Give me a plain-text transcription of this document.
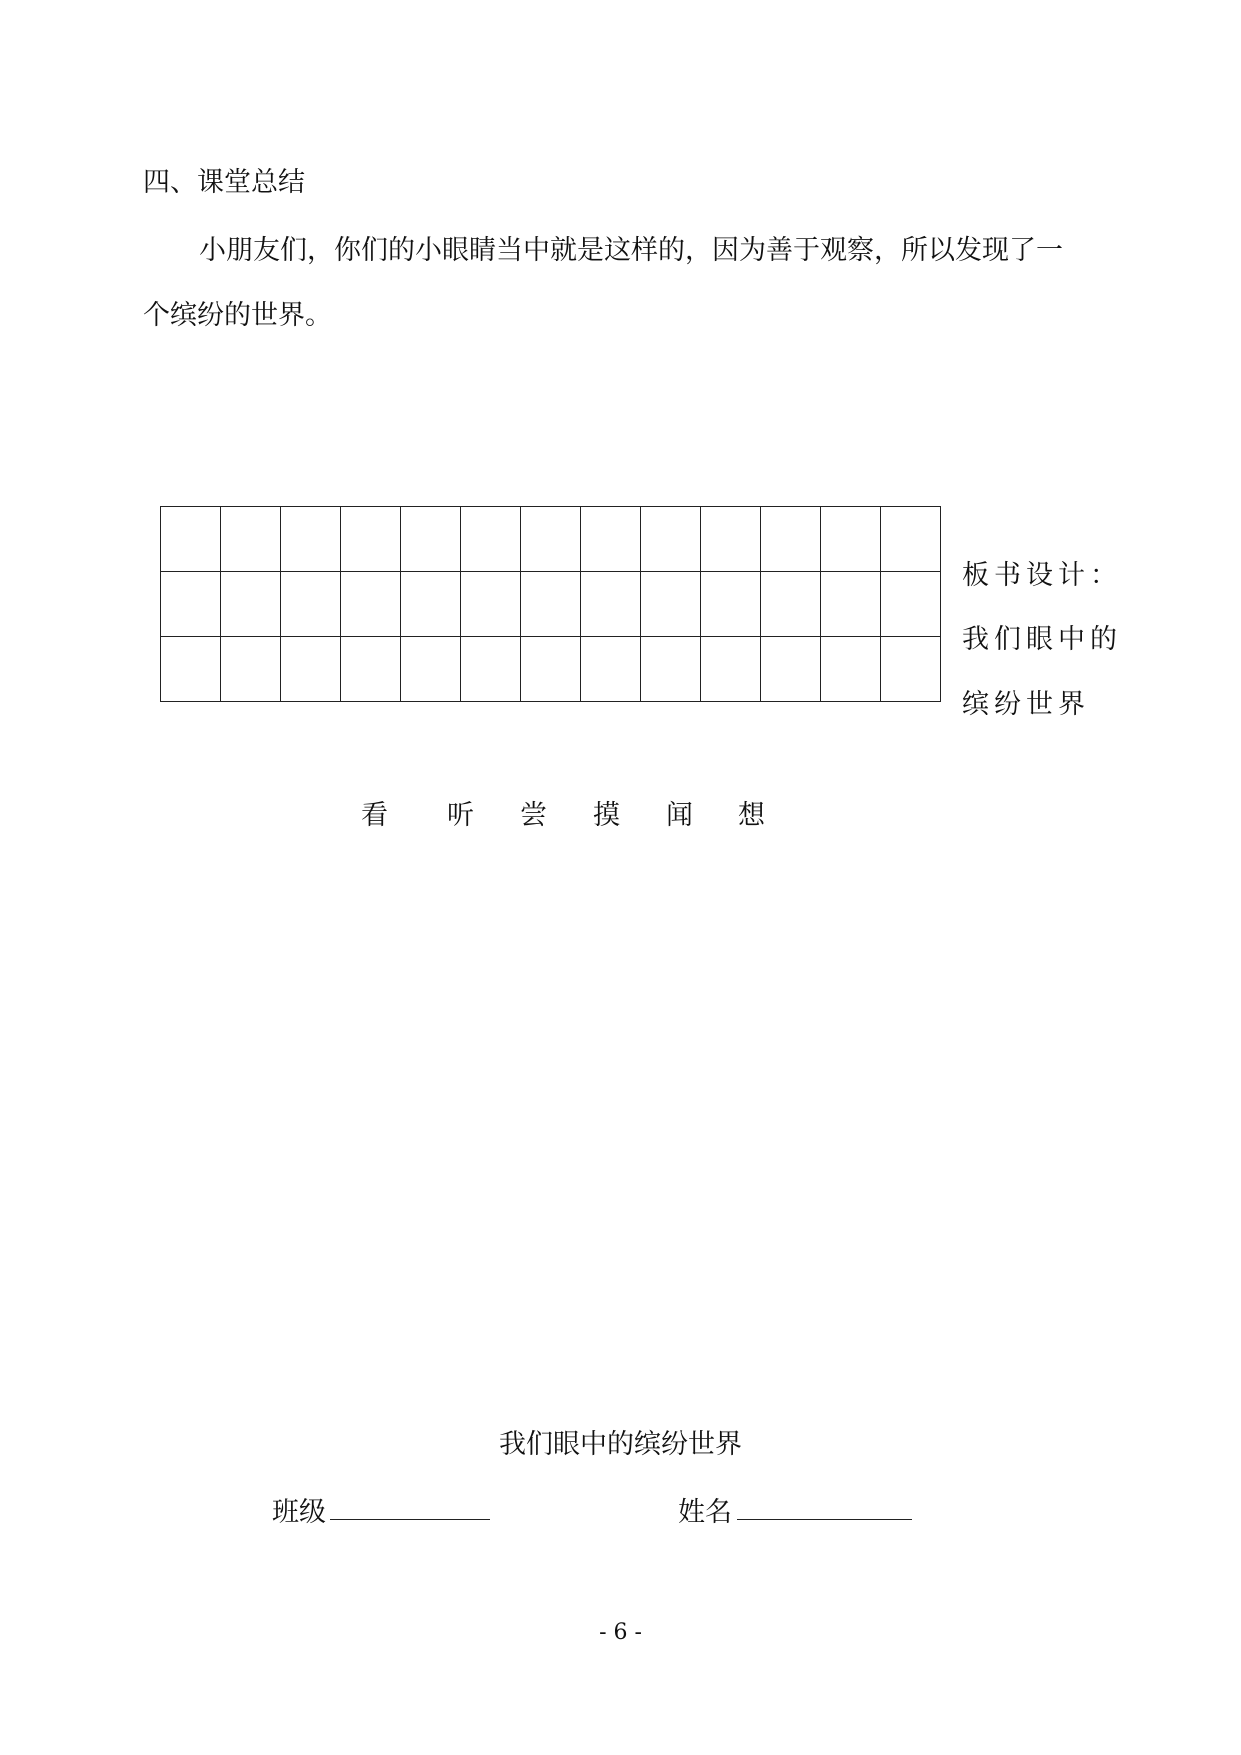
四、课堂总结
小朋友们，你们的小眼睛当中就是这样的，因为善于观察，所以发现了一
个缤纷的世界。

板书设计：
我们眼中的
缤纷世界
看 听 尝 摸 闻 想
我们眼中的缤纷世界
班级	姓名
- 6 -
